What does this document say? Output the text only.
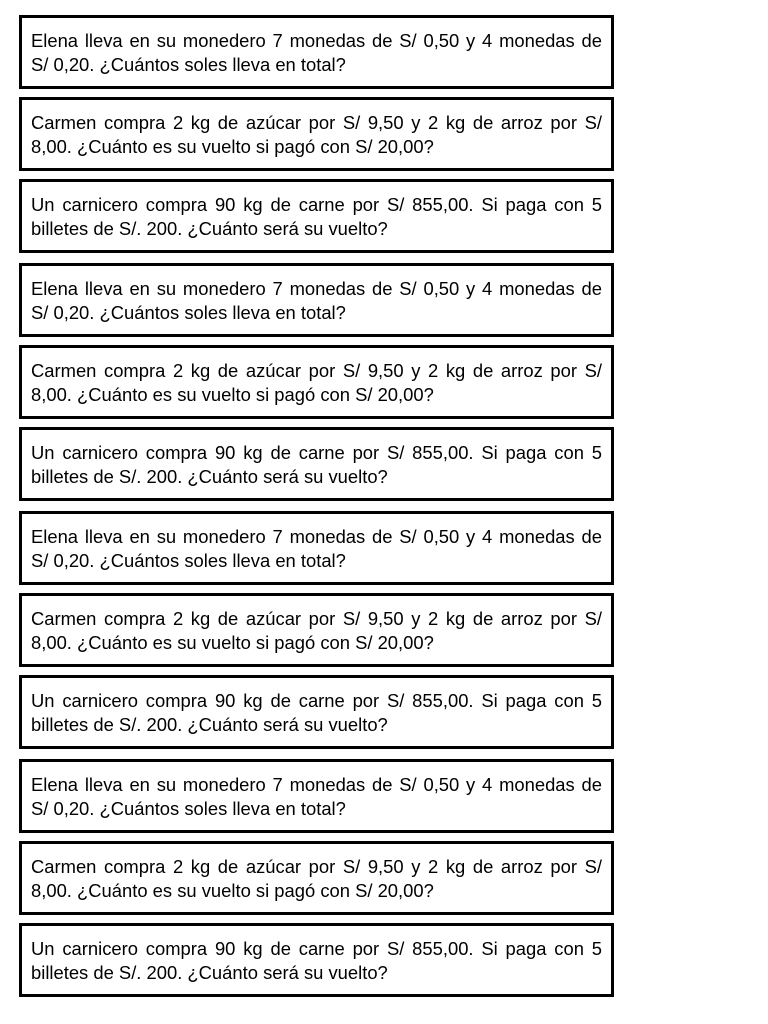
Elena lleva en su monedero 7 monedas de S/ 0,50 y 4 monedas de S/ 0,20. ¿Cuántos soles lleva en total?
Carmen compra 2 kg de azúcar por S/ 9,50 y 2 kg de arroz por S/ 8,00. ¿Cuánto es su vuelto si pagó con S/ 20,00?
Un carnicero compra 90 kg de carne por S/ 855,00. Si paga con 5 billetes de S/. 200. ¿Cuánto será su vuelto?
Elena lleva en su monedero 7 monedas de S/ 0,50 y 4 monedas de S/ 0,20. ¿Cuántos soles lleva en total?
Carmen compra 2 kg de azúcar por S/ 9,50 y 2 kg de arroz por S/ 8,00. ¿Cuánto es su vuelto si pagó con S/ 20,00?
Un carnicero compra 90 kg de carne por S/ 855,00. Si paga con 5 billetes de S/. 200. ¿Cuánto será su vuelto?
Elena lleva en su monedero 7 monedas de S/ 0,50 y 4 monedas de S/ 0,20. ¿Cuántos soles lleva en total?
Carmen compra 2 kg de azúcar por S/ 9,50 y 2 kg de arroz por S/ 8,00. ¿Cuánto es su vuelto si pagó con S/ 20,00?
Un carnicero compra 90 kg de carne por S/ 855,00. Si paga con 5 billetes de S/. 200. ¿Cuánto será su vuelto?
Elena lleva en su monedero 7 monedas de S/ 0,50 y 4 monedas de S/ 0,20. ¿Cuántos soles lleva en total?
Carmen compra 2 kg de azúcar por S/ 9,50 y 2 kg de arroz por S/ 8,00. ¿Cuánto es su vuelto si pagó con S/ 20,00?
Un carnicero compra 90 kg de carne por S/ 855,00. Si paga con 5 billetes de S/. 200. ¿Cuánto será su vuelto?
